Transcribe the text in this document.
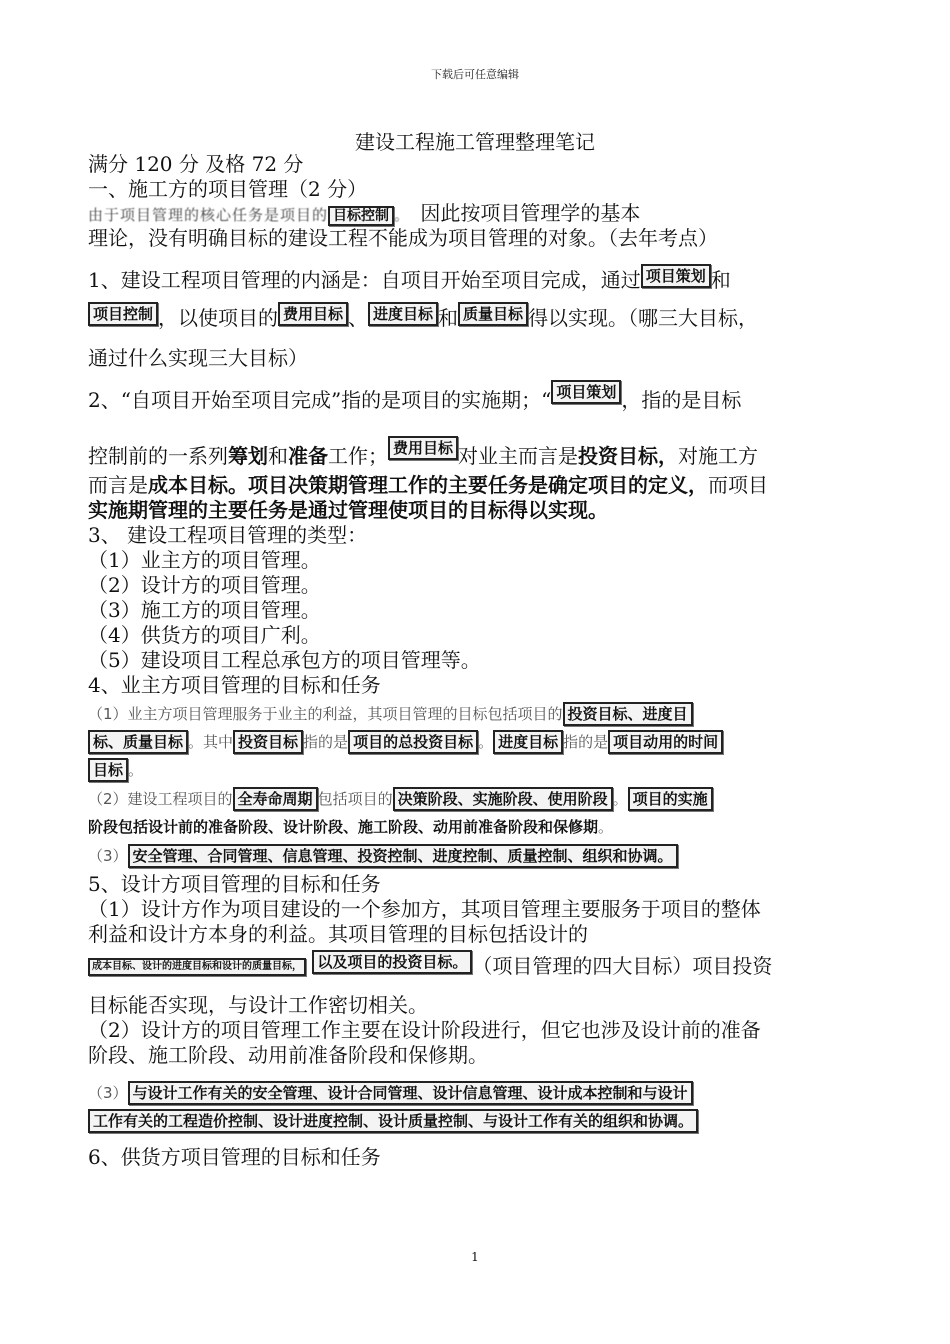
下载后可任意编辑
建设工程施工管理整理笔记
满分 120 分 及格 72 分
一、施工方的项目管理（2 分）
由于项目管理的核心任务是项目的 目标控制 。 因此按项目管理学的基本
理论，没有明确目标的建设工程不能成为项目管理的对象。（去年考点）
1、建设工程项目管理的内涵是：自项目开始至项目完成，通过 项目策划 和
项目控制 ，以使项目的 费用目标 、 进度目标 和 质量目标 得以实现。（哪三大目标，
通过什么实现三大目标）
2、“自项目开始至项目完成”指的是项目的实施期；“ 项目策划 ，指的是目标
控制前的一系列筹划和准备工作； 费用目标 对业主而言是投资目标，对施工方
而言是成本目标。项目决策期管理工作的主要任务是确定项目的定义，而项目
实施期管理的主要任务是通过管理使项目的目标得以实现。
3、 建设工程项目管理的类型：
（1）业主方的项目管理。
（2）设计方的项目管理。
（3）施工方的项目管理。
（4）供货方的项目广利。
（5）建设项目工程总承包方的项目管理等。
4、业主方项目管理的目标和任务
（1）业主方项目管理服务于业主的利益，其项目管理的目标包括项目的 投资目标、进度目
标、质量目标 。其中 投资目标 指的是 项目的总投资目标 。 进度目标 指的是 项目动用的时间
目标 。
（2）建设工程项目的 全寿命周期 包括项目的 决策阶段、实施阶段、使用阶段 。 项目的实施
阶段包括设计前的准备阶段、设计阶段、施工阶段、动用前准备阶段和保修期。
（3） 安全管理、合同管理、信息管理、投资控制、进度控制、质量控制、组织和协调。
5、设计方项目管理的目标和任务
（1）设计方作为项目建设的一个参加方，其项目管理主要服务于项目的整体
利益和设计方本身的利益。其项目管理的目标包括设计的
成本目标、设计的进度目标和设计的质量目标， 以及项目的投资目标。 （项目管理的四大目标）项目投资
目标能否实现，与设计工作密切相关。
（2）设计方的项目管理工作主要在设计阶段进行，但它也涉及设计前的准备
阶段、施工阶段、动用前准备阶段和保修期。
（3） 与设计工作有关的安全管理、设计合同管理、设计信息管理、设计成本控制和与设计
工作有关的工程造价控制、设计进度控制、设计质量控制、与设计工作有关的组织和协调。
6、供货方项目管理的目标和任务
1
